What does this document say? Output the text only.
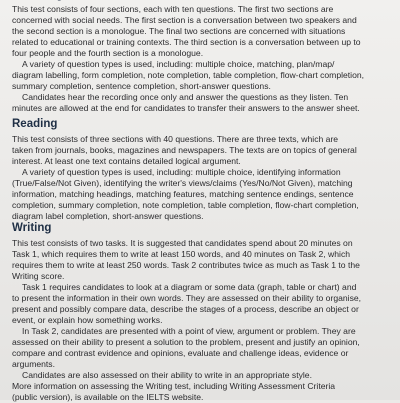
This test consists of four sections, each with ten questions. The first two sections are
concerned with social needs. The first section is a conversation between two speakers and
the second section is a monologue. The final two sections are concerned with situations
related to educational or training contexts. The third section is a conversation between up to
four people and the fourth section is a monologue.

A variety of question types is used, including: multiple choice, matching, plan/map/
diagram labelling, form completion, note completion, table completion, flow-chart completion,
summary completion, sentence completion, short-answer questions.

Candidates hear the recording once only and answer the questions as they listen. Ten
minutes are allowed at the end for candidates to transfer their answers to the answer sheet.

Reading

This test consists of three sections with 40 questions. There are three texts, which are
taken from journals, books, magazines and newspapers. The texts are on topics of general
interest. At least one text contains detailed logical argument.

A variety of question types is used, including: multiple choice, identifying information
(True/False/Not Given), identifying the writer's views/claims (Yes/No/Not Given), matching
information, matching headings, matching features, matching sentence endings, sentence
completion, summary completion, note completion, table completion, flow-chart completion,
diagram label completion, short-answer questions.

Writing

This test consists of two tasks. It is suggested that candidates spend about 20 minutes on
Task 1, which requires them to write at least 150 words, and 40 minutes on Task 2, which
requires them to write at least 250 words. Task 2 contributes twice as much as Task 1 to the
Writing score.

Task 1 requires candidates to look at a diagram or some data (graph, table or chart) and
to present the information in their own words. They are assessed on their ability to organise,
present and possibly compare data, describe the stages of a process, describe an object or
event, or explain how something works.

In Task 2, candidates are presented with a point of view, argument or problem. They are
assessed on their ability to present a solution to the problem, present and justify an opinion,
compare and contrast evidence and opinions, evaluate and challenge ideas, evidence or
arguments.

Candidates are also assessed on their ability to write in an appropriate style.

More information on assessing the Writing test, including Writing Assessment Criteria
(public version), is available on the IELTS website.
